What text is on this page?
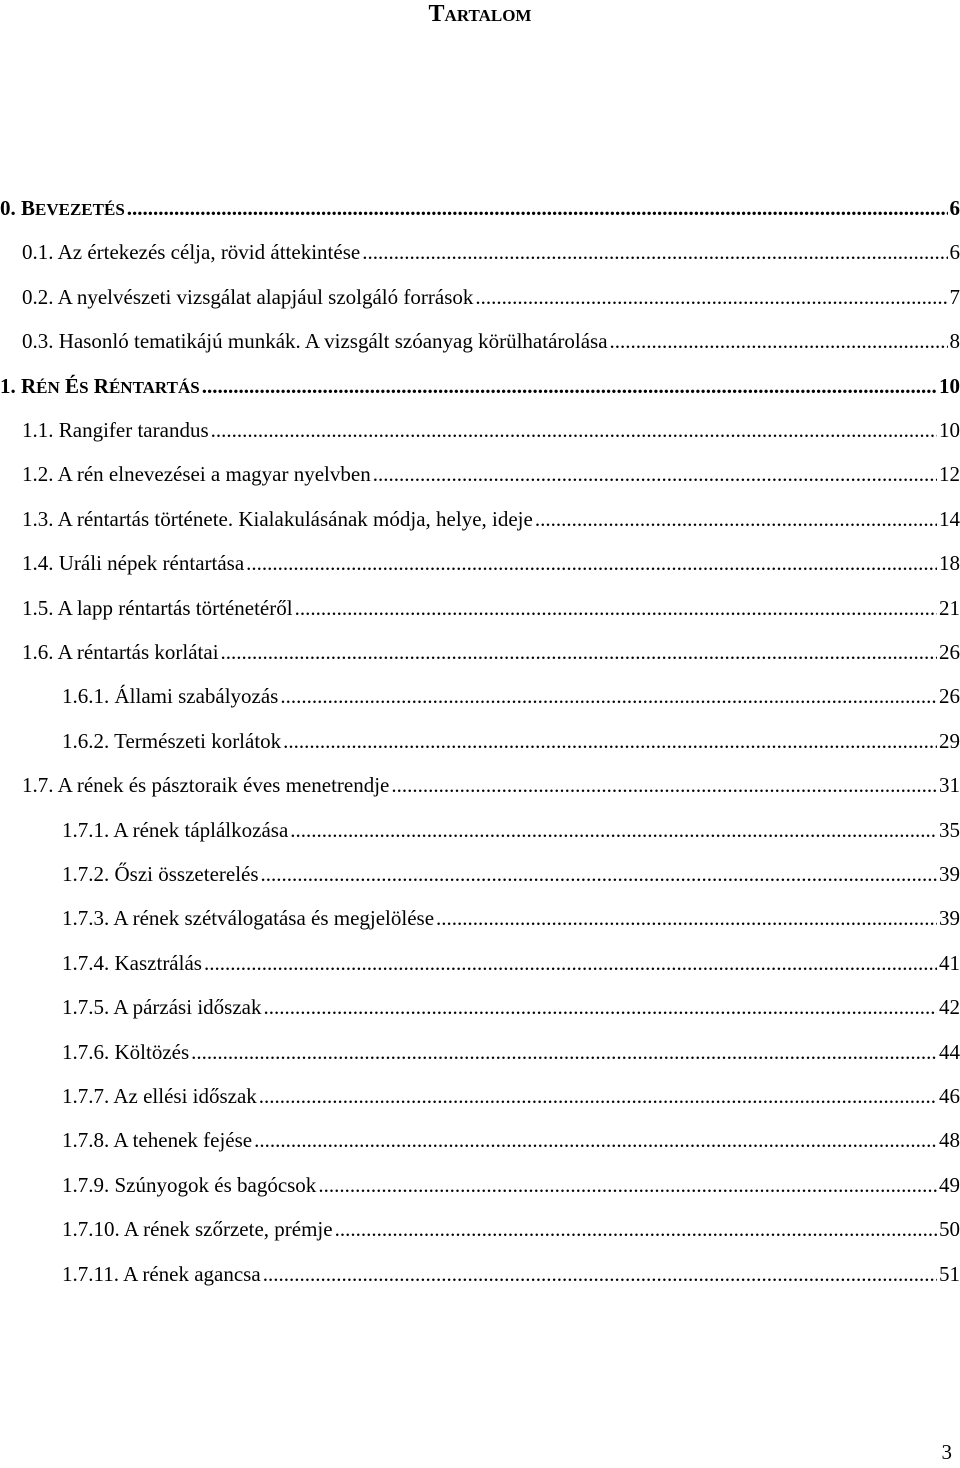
TARTALOM
0. BEVEZETÉS .....	6
0.1. Az értekezés célja, rövid áttekintése .....	6
0.2. A nyelvészeti vizsgálat alapjául szolgáló források .....	7
0.3. Hasonló tematikájú munkák. A vizsgált szóanyag körülhatárolása .....	8
1. RÉN ÉS RÉNTARTÁS .....	10
1.1. Rangifer tarandus .....	10
1.2. A rén elnevezései a magyar nyelvben .....	12
1.3. A réntartás története. Kialakulásának módja, helye, ideje .....	14
1.4. Uráli népek réntartása .....	18
1.5. A lapp réntartás történetéről .....	21
1.6. A réntartás korlátai .....	26
1.6.1. Állami szabályozás .....	26
1.6.2. Természeti korlátok .....	29
1.7. A rének és pásztoraik éves menetrendje .....	31
1.7.1. A rének táplálkozása .....	35
1.7.2. Őszi összeterelés .....	39
1.7.3. A rének szétválogatása és megjelölése .....	39
1.7.4. Kasztrálás .....	41
1.7.5. A párzási időszak .....	42
1.7.6. Költözés .....	44
1.7.7. Az ellési időszak .....	46
1.7.8. A tehenek fejése .....	48
1.7.9. Szúnyogok és bagócsok .....	49
1.7.10. A rének szőrzete, prémje .....	50
1.7.11. A rének agancsa .....	51
3
